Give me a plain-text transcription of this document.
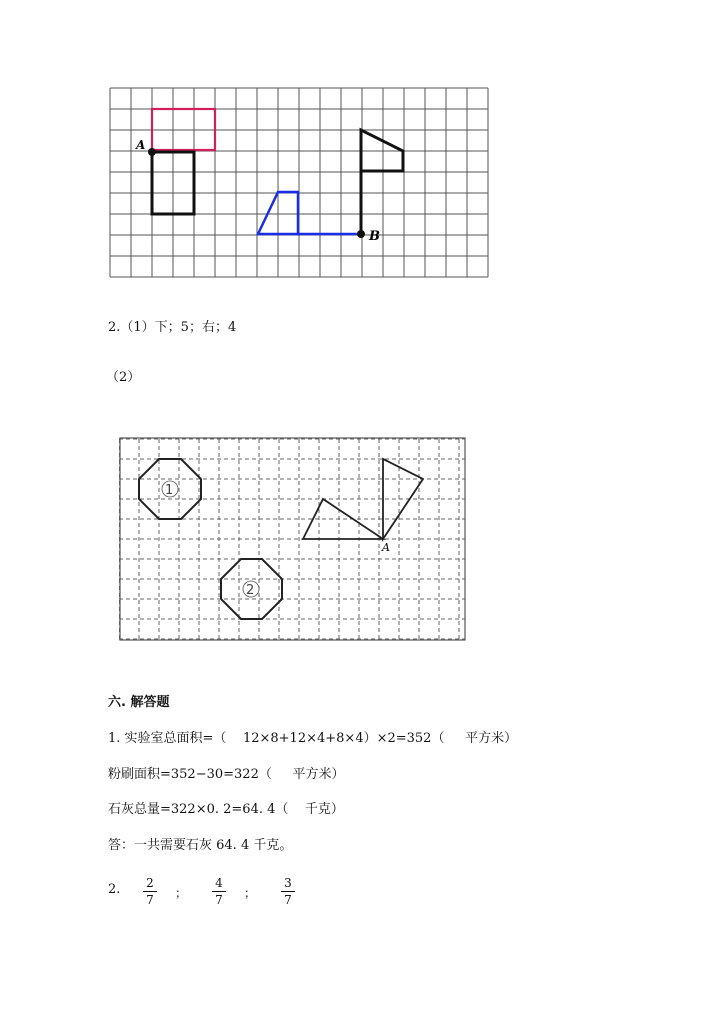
A
B
2.（1）下；5；右；4
（2）
1
2
A
六. 解答题
1. 实验室总面积=（    12×8+12×4+8×4）×2=352（     平方米）
粉刷面积=352−30=322（     平方米）
石灰总量=322×0. 2=64. 4（    千克）
答：一共需要石灰 64. 4 千克。
2. 2
7 ；
4
7 ；
3
7
